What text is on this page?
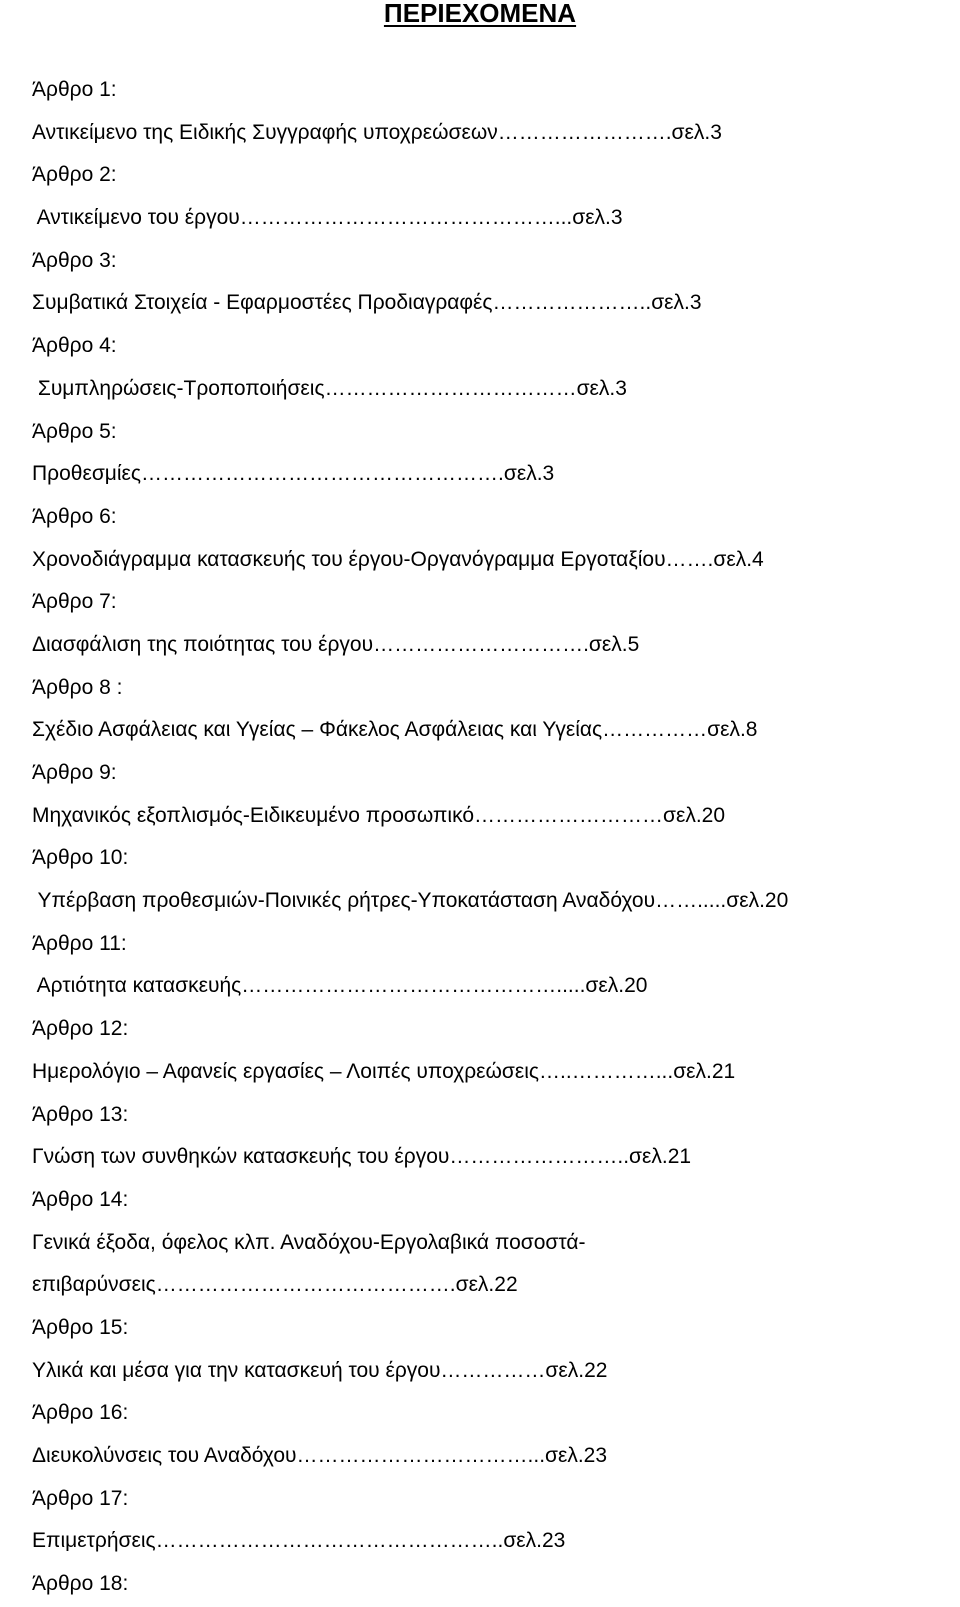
ΠΕΡΙΕΧΟΜΕΝΑ
Άρθρο 1:
Αντικείμενο της Ειδικής Συγγραφής υποχρεώσεων…………………….σελ.3
Άρθρο 2:
Αντικείμενο του έργου………………………………………...σελ.3
Άρθρο 3:
Συμβατικά Στοιχεία - Εφαρμοστέες Προδιαγραφές…………………..σελ.3
Άρθρο 4:
Συμπληρώσεις-Τροποποιήσεις………………………………σελ.3
Άρθρο 5:
Προθεσμίες…………………………………………….σελ.3
Άρθρο 6:
Χρονοδιάγραμμα κατασκευής του έργου-Οργανόγραμμα Εργοταξίου…….σελ.4
Άρθρο 7:
Διασφάλιση της ποιότητας του έργου………………………….σελ.5
Άρθρο 8 :
Σχέδιο Ασφάλειας και Υγείας – Φάκελος Ασφάλειας και Υγείας……………σελ.8
Άρθρο 9:
Μηχανικός εξοπλισμός-Ειδικευμένο προσωπικό………………………σελ.20
Άρθρο 10:
Υπέρβαση προθεσμιών-Ποινικές ρήτρες-Υποκατάσταση Αναδόχου…….....σελ.20
Άρθρο 11:
Αρτιότητα κατασκευής……………………………………….....σελ.20
Άρθρο 12:
Ημερολόγιο – Αφανείς εργασίες – Λοιπές υποχρεώσεις…..…………...σελ.21
Άρθρο 13:
Γνώση των συνθηκών κατασκευής του έργου……………………..σελ.21
Άρθρο 14:
Γενικά έξοδα, όφελος κλπ. Αναδόχου-Εργολαβικά ποσοστά-
επιβαρύνσεις…………………………………….σελ.22
Άρθρο 15:
Υλικά και μέσα για την κατασκευή του έργου……………σελ.22
Άρθρο 16:
Διευκολύνσεις του Αναδόχου……………………………...σελ.23
Άρθρο 17:
Επιμετρήσεις…………………………………………..σελ.23
Άρθρο 18:
